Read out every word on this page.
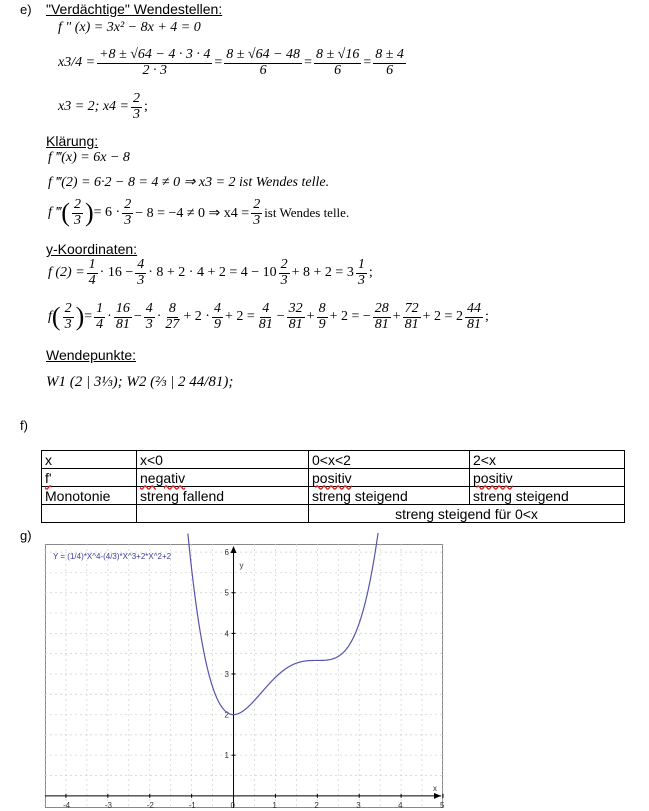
e) "Verdächtige" Wendestellen:
f " (x) = 3x² − 8x + 4 = 0
$x3/4 = \frac{+8 \pm √64 - 4 \cdot 3 \cdot 4}{2 \cdot 3} = \frac{8 \pm √64 - 48}{6} = \frac{8 \pm √16}{6} = \frac{8 \pm 4}{6}$
x3 = 2; $x4 = \frac{2}{3}$ ;
Klärung:
f ‴(x) = 6x − 8
f ‴(2) = 6·2 − 8 = 4 ≠ 0 ⇒ x3 = 2 ist Wendes telle.
f ‴ ( $\frac{2}{3}$ ) = $6 \cdot \frac{2}{3} - 8 = -4 \ne 0$ ⇒ $x4 = \frac{2}{3}$ ist Wendes telle.
y-Koordinaten:
f $(2) = \frac{1}{4} \cdot 16 - \frac{4}{3} \cdot 8 + 2 \cdot 4 + 2 = 4 - 10 \frac{2}{3} + 8 + 2 = 3 \frac{1}{3}$ ;
f ( $\frac{2}{3}$ ) = $\frac{1}{4} \cdot \frac{16}{81} - \frac{4}{3} \cdot \frac{8}{27} + 2 \cdot \frac{4}{9} + 2 = \frac{4}{81} - \frac{32}{81} + \frac{8}{9} + 2$ = − $\frac{28}{81} + \frac{72}{81} + 2 = 2 \frac{44}{81}$ ;
Wendepunkte:
W1 (2 | 3⅓); W2 (⅔ | 2 44/81);
f)
x	x<0	0<x<2	2<x
f'	negativ	positiv	positiv
Monotonie	streng fallend	streng steigend	streng steigend
		streng steigend für 0<x	
g)
-4	-3	-2	-1	0	1	2	3	4	5
1
2
3
4
5
6
Y = (1/4)*X^4-(4/3)*X^3+2*X^2+2
x
y
